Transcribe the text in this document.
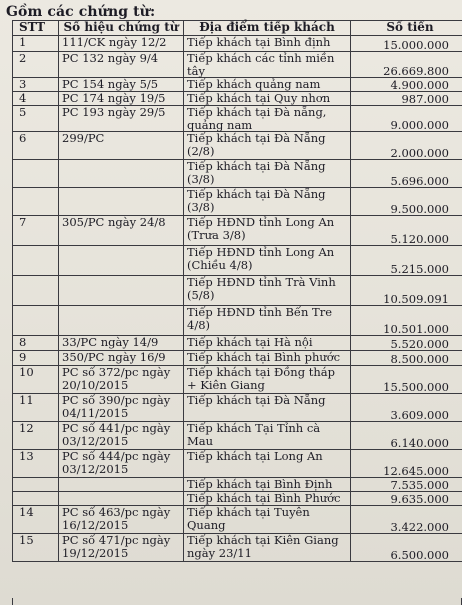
Gồm các chứng từ:
STT	Số hiệu chứng từ	Địa điểm tiếp khách	Số tiền
1	111/CK ngày 12/2	Tiếp khách tại Bình định	15.000.000
2	PC 132 ngày 9/4	Tiếp khách các tỉnh miền tây	26.669.800
3	PC 154 ngày 5/5	Tiếp khách quảng nam	4.900.000
4	PC 174 ngày 19/5	Tiếp khách tại Quy nhơn	987.000
5	PC 193 ngày 29/5	Tiếp khách tại Đà nẵng, quảng nam	9.000.000
6	299/PC	Tiếp khách tại Đà Nẵng (2/8)	2.000.000
		Tiếp khách tại Đà Nẵng (3/8)	5.696.000
		Tiếp khách tại Đà Nẵng (3/8)	9.500.000
7	305/PC ngày 24/8	Tiếp HĐND tỉnh Long An (Trưa 3/8)	5.120.000
		Tiếp HĐND tỉnh Long An (Chiều 4/8)	5.215.000
		Tiếp HĐND tỉnh Trà Vinh (5/8)	10.509.091
		Tiếp HĐND tỉnh Bến Tre 4/8)	10.501.000
8	33/PC ngày 14/9	Tiếp khách tại Hà nội	5.520.000
9	350/PC ngày 16/9	Tiếp khách tại Bình phước	8.500.000
10	PC số 372/pc ngày 20/10/2015	Tiếp khách tại Đồng tháp + Kiên Giang	15.500.000
11	PC số 390/pc ngày 04/11/2015	Tiếp khách tại Đà Nẵng	3.609.000
12	PC số 441/pc ngày 03/12/2015	Tiếp khách Tại Tỉnh cà Mau	6.140.000
13	PC số 444/pc ngày 03/12/2015	Tiếp khách tại Long An	12.645.000
		Tiếp khách tại Bình Định	7.535.000
		Tiếp khách tại Bình Phước	9.635.000
14	PC số 463/pc ngày 16/12/2015	Tiếp khách tại Tuyên Quang	3.422.000
15	PC số 471/pc ngày 19/12/2015	Tiếp khách tại Kiên Giang ngày 23/11	6.500.000
